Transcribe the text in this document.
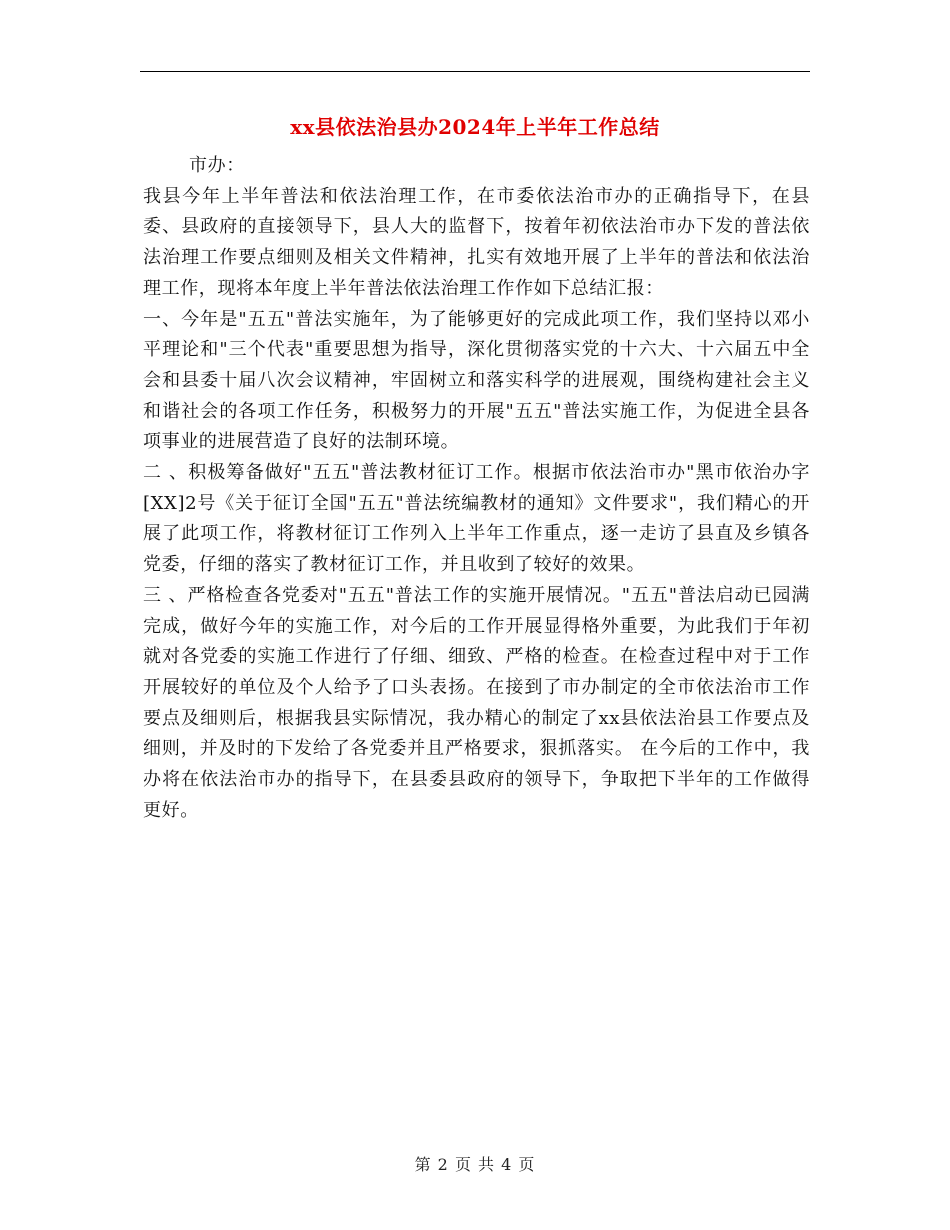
xx县依法治县办2024年上半年工作总结

市办：

我县今年上半年普法和依法治理工作，在市委依法治市办的正确指导下，在县委、县政府的直接领导下，县人大的监督下，按着年初依法治市办下发的普法依法治理工作要点细则及相关文件精神，扎实有效地开展了上半年的普法和依法治理工作，现将本年度上半年普法依法治理工作作如下总结汇报：

一、今年是"五五"普法实施年，为了能够更好的完成此项工作，我们坚持以邓小平理论和"三个代表"重要思想为指导，深化贯彻落实党的十六大、十六届五中全会和县委十届八次会议精神，牢固树立和落实科学的进展观，围绕构建社会主义和谐社会的各项工作任务，积极努力的开展"五五"普法实施工作，为促进全县各项事业的进展营造了良好的法制环境。

二 、积极筹备做好"五五"普法教材征订工作。根据市依法治市办"黑市依治办字[XX]2号《关于征订全国"五五"普法统编教材的通知》文件要求"，我们精心的开展了此项工作，将教材征订工作列入上半年工作重点，逐一走访了县直及乡镇各党委，仔细的落实了教材征订工作，并且收到了较好的效果。

三 、严格检查各党委对"五五"普法工作的实施开展情况。"五五"普法启动已园满完成，做好今年的实施工作，对今后的工作开展显得格外重要，为此我们于年初就对各党委的实施工作进行了仔细、细致、严格的检查。在检查过程中对于工作开展较好的单位及个人给予了口头表扬。在接到了市办制定的全市依法治市工作要点及细则后，根据我县实际情况，我办精心的制定了xx县依法治县工作要点及细则，并及时的下发给了各党委并且严格要求，狠抓落实。 在今后的工作中，我办将在依法治市办的指导下，在县委县政府的领导下，争取把下半年的工作做得更好。

第 2 页 共 4 页
